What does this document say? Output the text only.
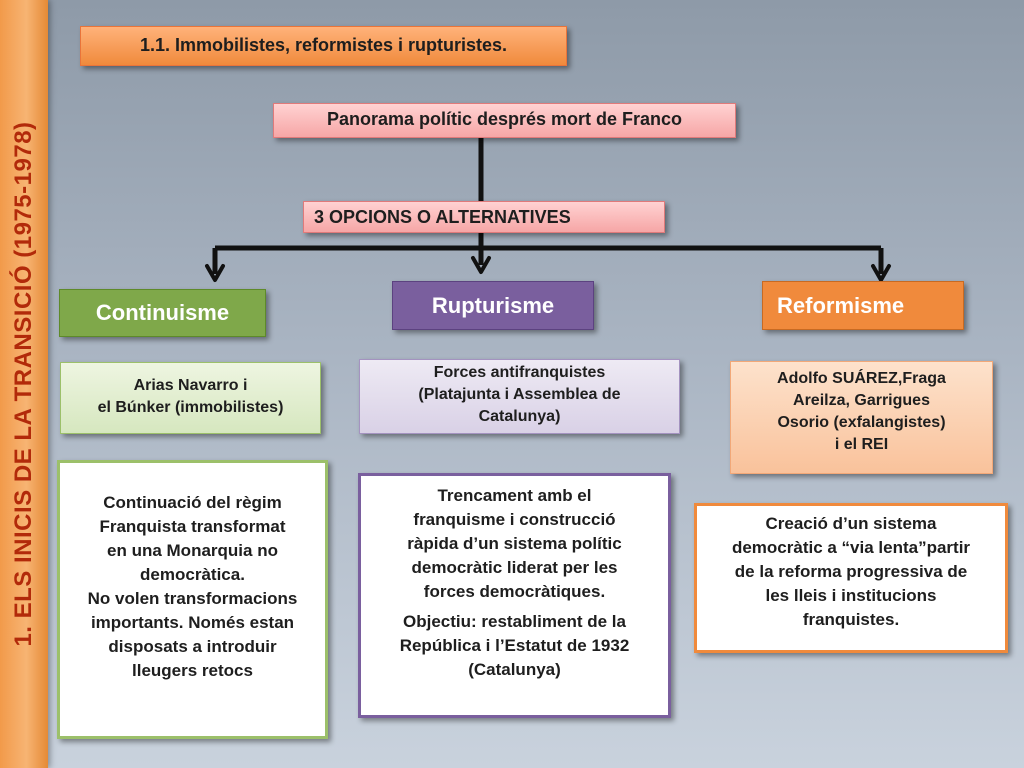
1. ELS INICIS DE LA TRANSICIÓ (1975-1978)
1.1. Immobilistes, reformistes i rupturistes.
Panorama polític després mort de Franco
3 OPCIONS O ALTERNATIVES
Continuisme	Rupturisme	Reformisme
Arias Navarro i
el Búnker (immobilistes)
Forces antifranquistes
(Platajunta i Assemblea de
Catalunya)
Adolfo SUÁREZ,Fraga
Areilza, Garrigues
Osorio (exfalangistes)
i el REI
Continuació del règim
Franquista transformat
en una Monarquia no
democràtica.
No volen transformacions
importants. Només estan
disposats a introduir
lleugers retocs
Trencament amb el
franquisme i construcció
ràpida d’un sistema polític
democràtic liderat per les
forces democràtiques.
Objectiu: restabliment de la
República i l’Estatut de 1932
(Catalunya)
Creació d’un sistema
democràtic a “via lenta”partir
de la reforma progressiva de
les lleis i institucions
franquistes.
